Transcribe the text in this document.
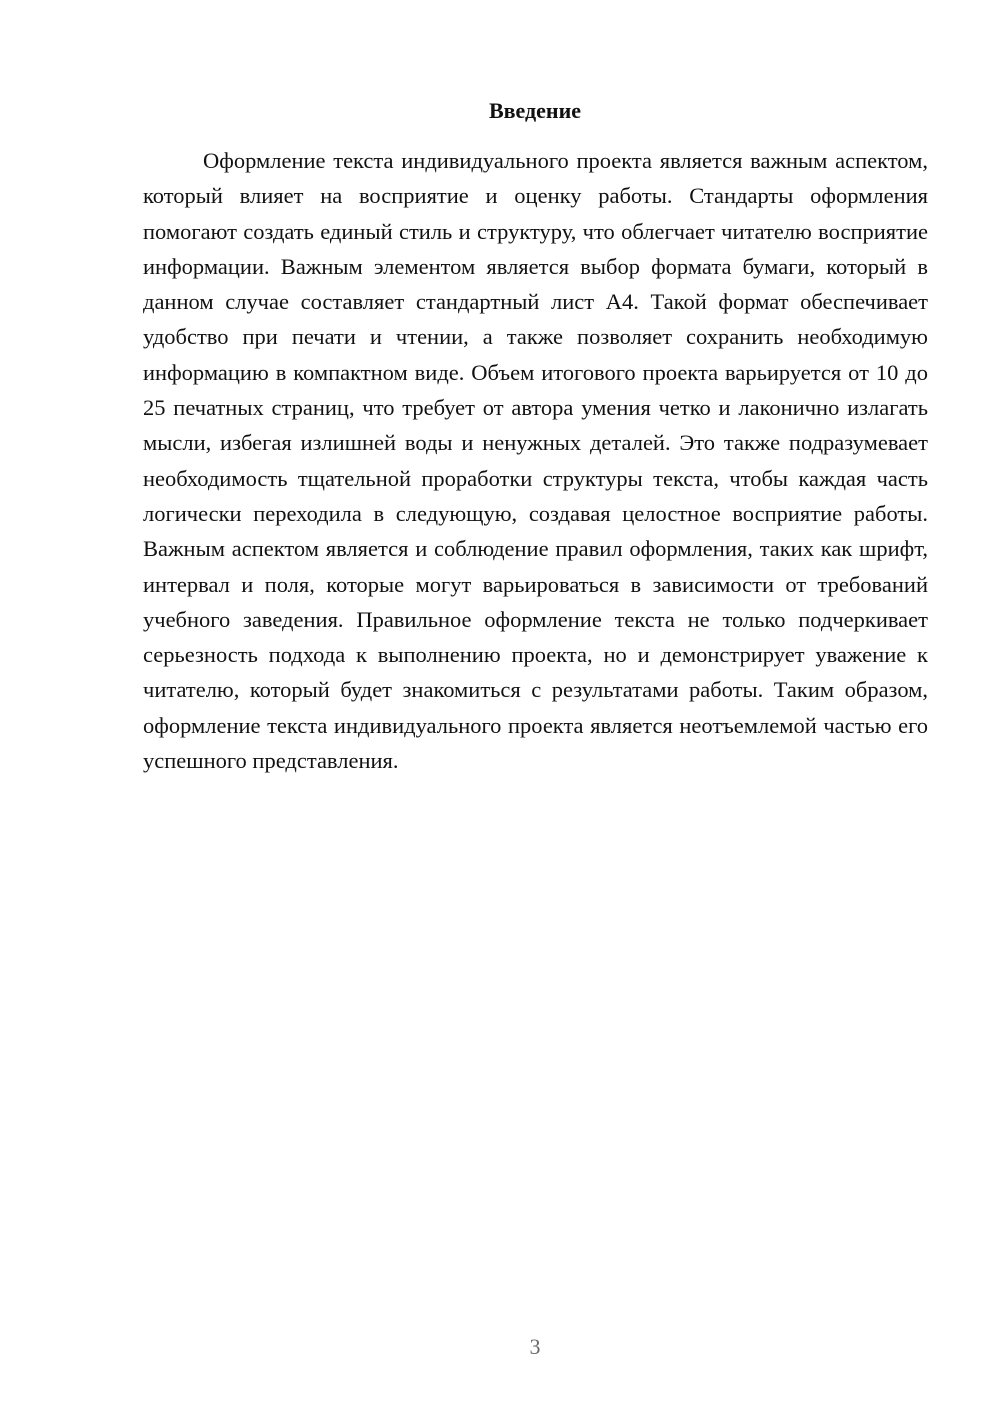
Введение

Оформление текста индивидуального проекта является важным аспектом, который влияет на восприятие и оценку работы. Стандарты оформления помогают создать единый стиль и структуру, что облегчает читателю восприятие информации. Важным элементом является выбор формата бумаги, который в данном случае составляет стандартный лист А4. Такой формат обеспечивает удобство при печати и чтении, а также позволяет сохранить необходимую информацию в компактном виде. Объем итогового проекта варьируется от 10 до 25 печатных страниц, что требует от автора умения четко и лаконично излагать мысли, избегая излишней воды и ненужных деталей. Это также подразумевает необходимость тщательной проработки структуры текста, чтобы каждая часть логически переходила в следующую, создавая целостное восприятие работы. Важным аспектом является и соблюдение правил оформления, таких как шрифт, интервал и поля, которые могут варьироваться в зависимости от требований учебного заведения. Правильное оформление текста не только подчеркивает серьезность подхода к выполнению проекта, но и демонстрирует уважение к читателю, который будет знакомиться с результатами работы. Таким образом, оформление текста индивидуального проекта является неотъемлемой частью его успешного представления.

3
